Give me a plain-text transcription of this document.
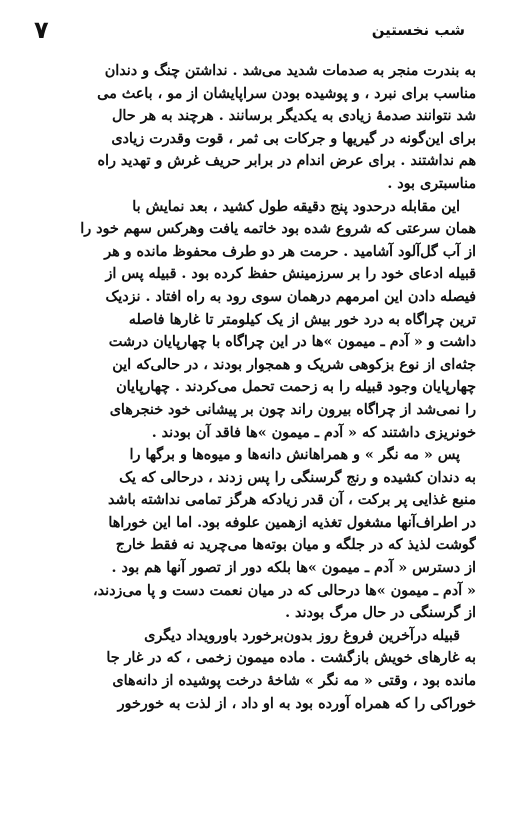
۷	شب نخستین
به بندرت منجر به صدمات شدید می‌شد . نداشتن چنگ و دندان
مناسب برای نبرد ، و پوشیده بودن سراپایشان از مو ، باعث می‌
شد نتوانند صدمهٔ زیادی به یکدیگر برسانند . هرچند به هر حال
برای این‌گونه در گیریها و جرکات بی ثمر ، قوت وقدرت زیادی
هم نداشتند . برای عرض اندام در برابر حریف غرش و تهدید راه
مناسبتری بود .
این مقابله درحدود پنج دقیقه طول کشید ، بعد نمایش با
همان سرعتی که شروع شده بود خاتمه یافت وهرکس سهم خود را
از آب گل‌آلود آشامید . حرمت هر دو طرف محفوظ مانده و هر
قبیله ادعای خود را بر سرزمینش حفظ کرده بود . قبیله پس از
فیصله دادن این امرمهم درهمان سوی رود به راه افتاد . نزدیک‌
ترین چراگاه به درد خور بیش از یک کیلومتر تا غارها فاصله
داشت و « آدم ـ میمون »ها در این چراگاه با چهارپایان درشت
جثه‌ای از نوع بزکوهی شریک و همجوار بودند ، در حالی‌که این
چهارپایان وجود قبیله را به زحمت تحمل می‌کردند . چهارپایان
را نمی‌شد از چراگاه بیرون راند چون بر پیشانی خود خنجرهای
خونریزی داشتند که « آدم ـ میمون »ها فاقد آن بودند .
پس « مه نگر » و همراهانش دانه‌ها و میوه‌ها و برگها را
به دندان کشیده و رنج گرسنگی را پس زدند ، درحالی که یک
منبع غذایی پر برکت ، آن قدر زیادکه هرگز تمامی نداشته باشد
در اطراف‌آنها مشغول تغذیه ازهمین علوفه بود. اما این خوراها
گوشت لذیذ که در جلگه و میان بوته‌ها می‌چرید نه فقط خارج
از دسترس « آدم ـ میمون »ها بلکه دور از تصور آنها هم بود .
« آدم ـ میمون »ها درحالی که در میان نعمت دست و پا می‌زدند،
از گرسنگی در حال مرگ بودند .
قبیله درآخرین فروغ روز بدون‌برخورد باورویداد دیگری
به غارهای خویش بازگشت . ماده میمون زخمی ، که در غار جا
مانده بود ، وقتی « مه نگر » شاخهٔ درخت پوشیده از دانه‌های
خوراکی را که همراه آورده بود به او داد ، از لذت به خورخور
